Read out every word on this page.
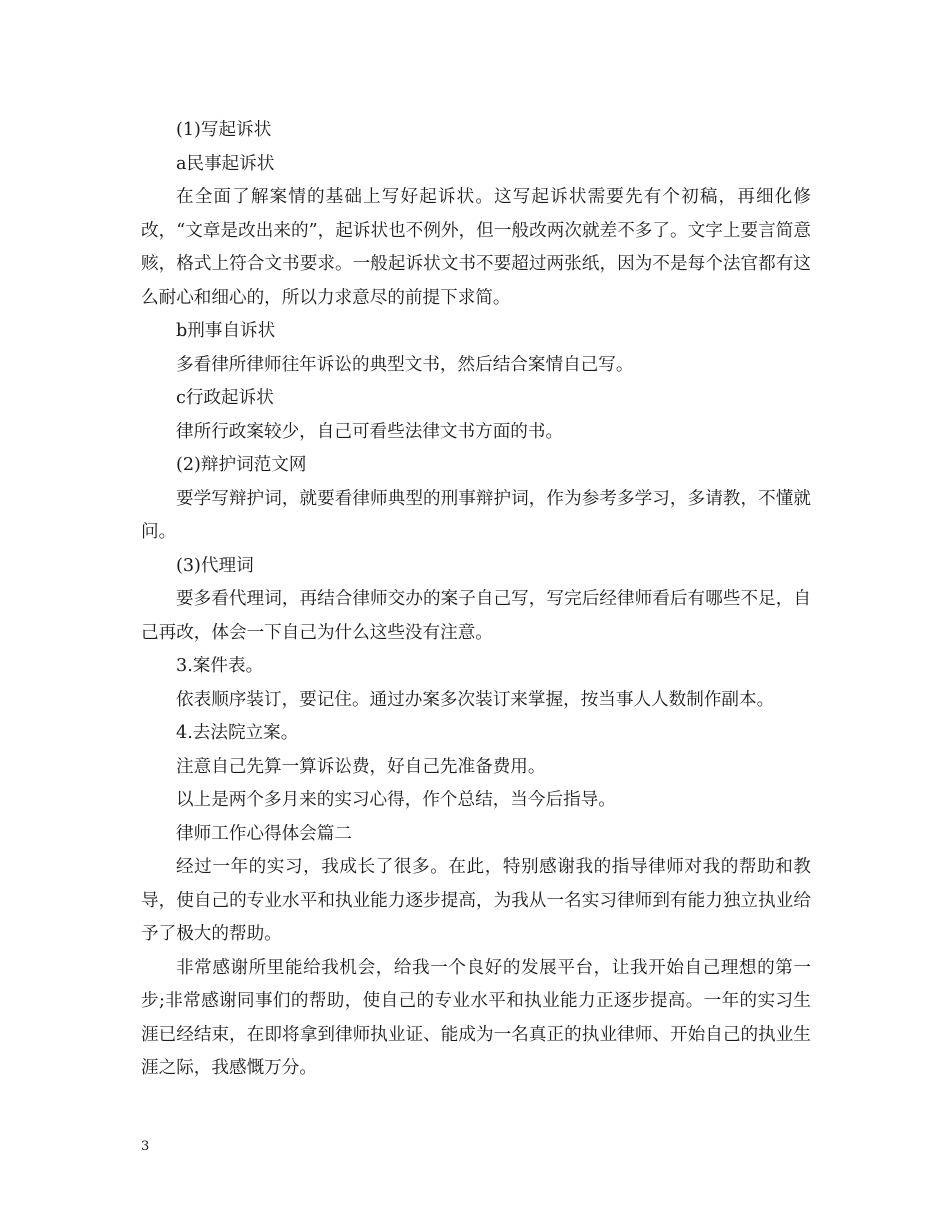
(1)写起诉状

a民事起诉状

在全面了解案情的基础上写好起诉状。这写起诉状需要先有个初稿，再细化修改，“文章是改出来的”，起诉状也不例外，但一般改两次就差不多了。文字上要言简意赅，格式上符合文书要求。一般起诉状文书不要超过两张纸，因为不是每个法官都有这么耐心和细心的，所以力求意尽的前提下求简。

b刑事自诉状

多看律所律师往年诉讼的典型文书，然后结合案情自己写。

c行政起诉状

律所行政案较少，自己可看些法律文书方面的书。

(2)辩护词范文网

要学写辩护词，就要看律师典型的刑事辩护词，作为参考多学习，多请教，不懂就问。

(3)代理词

要多看代理词，再结合律师交办的案子自己写，写完后经律师看后有哪些不足，自己再改，体会一下自己为什么这些没有注意。

3.案件表。

依表顺序装订，要记住。通过办案多次装订来掌握，按当事人人数制作副本。

4.去法院立案。

注意自己先算一算诉讼费，好自己先准备费用。

以上是两个多月来的实习心得，作个总结，当今后指导。

律师工作心得体会篇二

经过一年的实习，我成长了很多。在此，特别感谢我的指导律师对我的帮助和教导，使自己的专业水平和执业能力逐步提高，为我从一名实习律师到有能力独立执业给予了极大的帮助。

非常感谢所里能给我机会，给我一个良好的发展平台，让我开始自己理想的第一步;非常感谢同事们的帮助，使自己的专业水平和执业能力正逐步提高。一年的实习生涯已经结束，在即将拿到律师执业证、能成为一名真正的执业律师、开始自己的执业生涯之际，我感慨万分。

3
